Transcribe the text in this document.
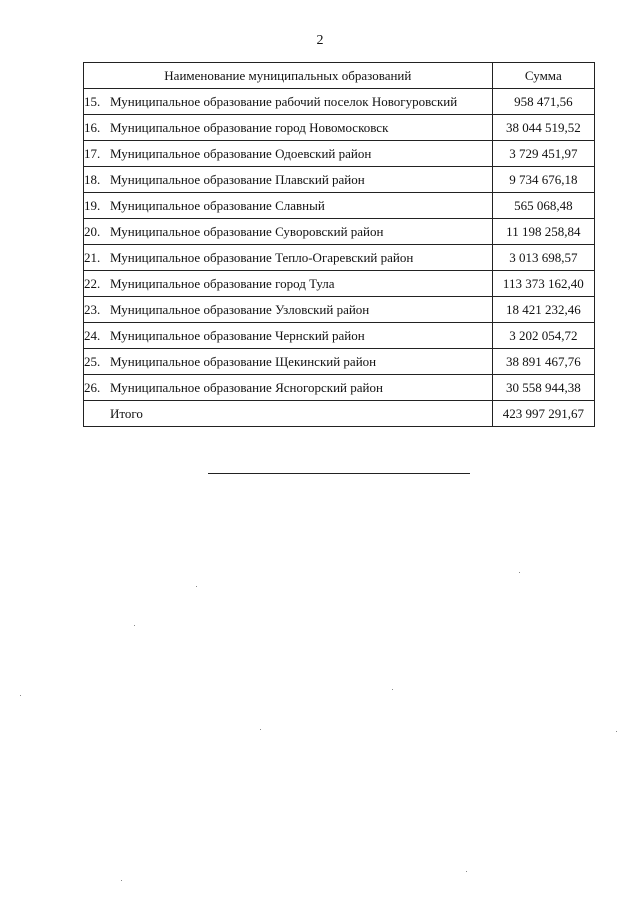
2
Наименование муниципальных образований	Сумма
15. Муниципальное образование рабочий поселок Новогуровский	958 471,56
16. Муниципальное образование город Новомосковск	38 044 519,52
17. Муниципальное образование Одоевский район	3 729 451,97
18. Муниципальное образование Плавский район	9 734 676,18
19. Муниципальное образование Славный	565 068,48
20. Муниципальное образование Суворовский район	11 198 258,84
21. Муниципальное образование Тепло-Огаревский район	3 013 698,57
22. Муниципальное образование город Тула	113 373 162,40
23. Муниципальное образование Узловский район	18 421 232,46
24. Муниципальное образование Чернский район	3 202 054,72
25. Муниципальное образование Щекинский район	38 891 467,76
26. Муниципальное образование Ясногорский район	30 558 944,38
Итого	423 997 291,67
